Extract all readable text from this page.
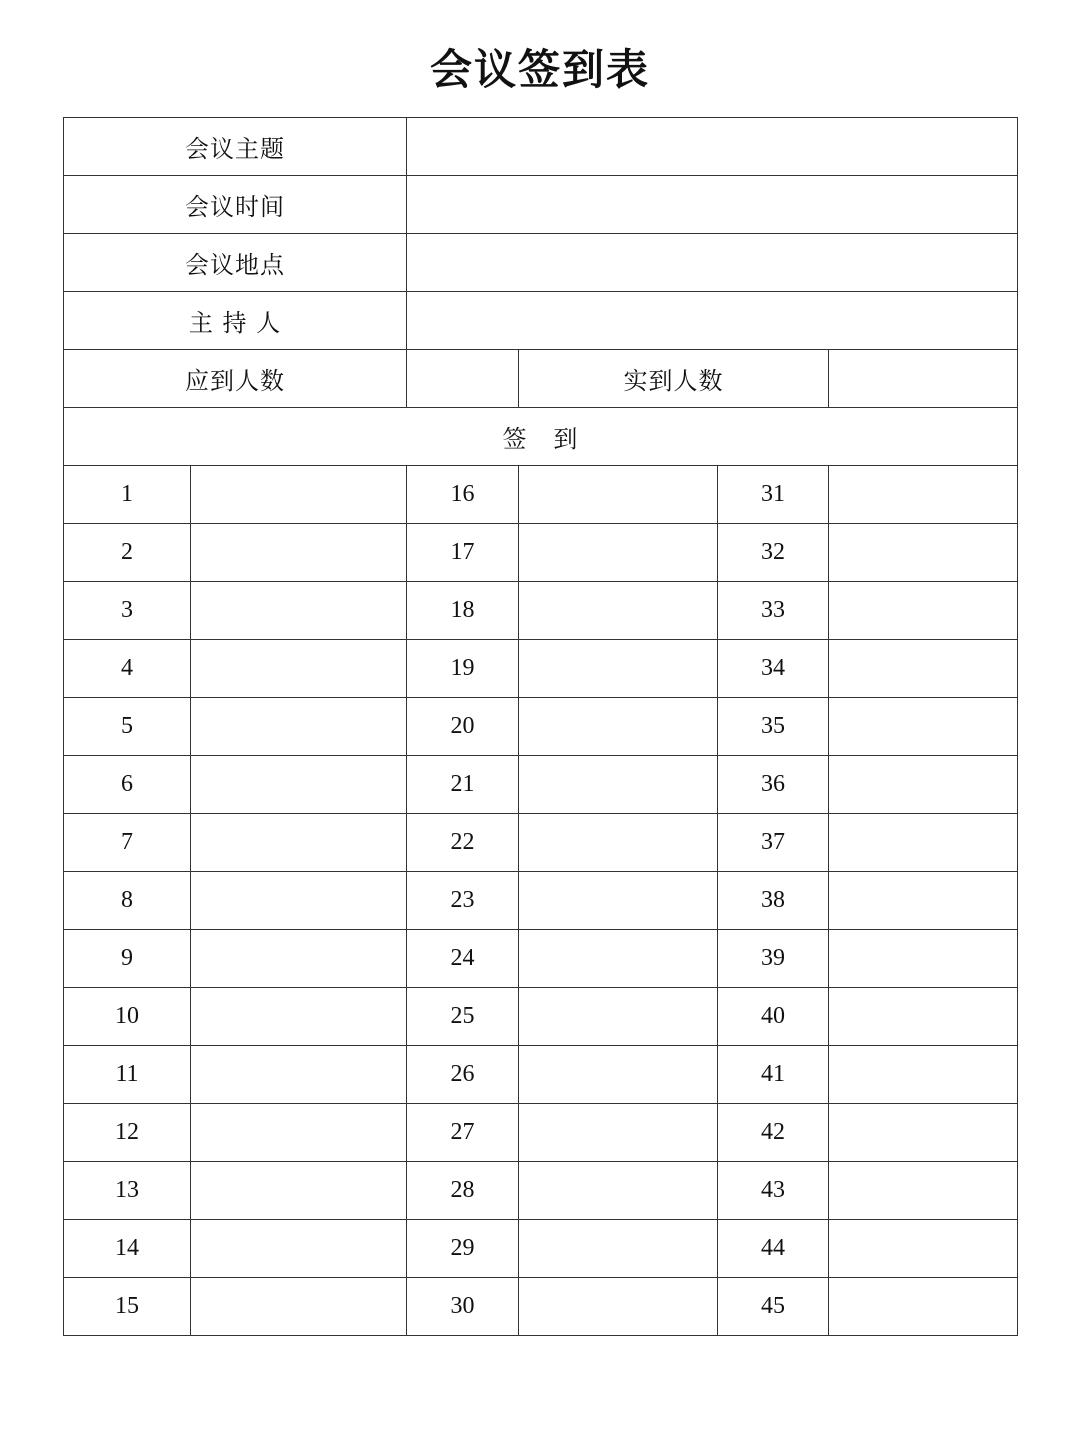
会议签到表
会议主题					
会议时间					
会议地点					
主 持 人					
应到人数			实到人数		
签   到					
1		16		31	
2		17		32	
3		18		33	
4		19		34	
5		20		35	
6		21		36	
7		22		37	
8		23		38	
9		24		39	
10		25		40	
11		26		41	
12		27		42	
13		28		43	
14		29		44	
15		30		45	
